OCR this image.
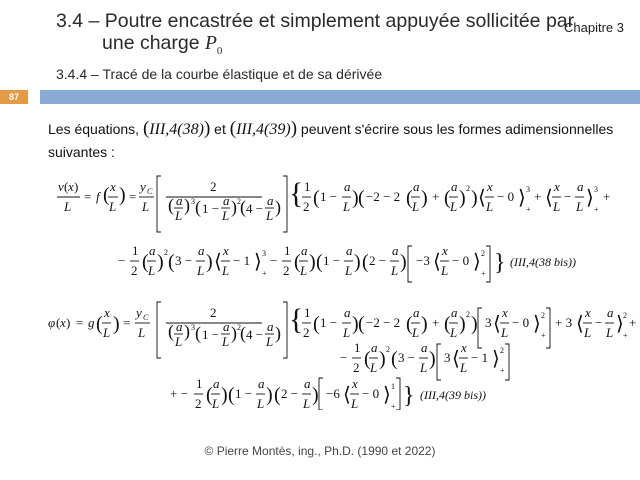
3.4 – Poutre encastrée et simplement appuyée sollicitée par
une charge $P_0$
Chapitre 3
3.4.4 – Tracé de la courbe élastique et de sa dérivée
87
Les équations, (III,4(38)) et (III,4(39)) peuvent s'écrire sous les formes adimensionnelles suivantes :
v ( x )
L
= f ( x
L
) =
y C
L
2
( a
L
) 3 ( 1 −
a
L ) 2 ( 4 −
a
L ) { 1
2 ( 1 −
a
L ) ( −2 − 2 (
a
L ) + (
a
L ) 2 ) ⟨
x
L
− 0 ⟩ 3
+
+ ⟨
x
L
−
a
L ⟩ 3
+
+
−
1
2 (
a
L ) 2 ( 3 −
a
L ) ⟨
x
L
− 1 ⟩ 3
+
−
1
2 (
a
L ) ( 1 −
a
L ) ( 2 −
a
L ) −3 ⟨
x
L
− 0 ⟩ 2
+ } (III,4(38 bis))
φ ( x ) = g (
x
L ) =
y C
L
2
( a
L
) 3 ( 1 −
a
L ) 2 ( 4 −
a
L ) { 1
2 ( 1 −
a
L ) ( −2 − 2 (
a
L ) + (
a
L ) 2 ) 3 ⟨
x
L
− 0 ⟩ 2
+
+ 3 ⟨
x
L
−
a
L ⟩ 2
+
+
−
1
2 (
a
L ) 2 ( 3 −
a
L ) 3 ⟨
x
L
− 1 ⟩ 2
+
+ −
1
2 (
a
L ) ( 1 −
a
L ) ( 2 −
a
L ) −6 ⟨
x
L
− 0 ⟩ 1
+ } (III,4(39 bis))
© Pierre Montès, ing., Ph.D. (1990 et 2022)
